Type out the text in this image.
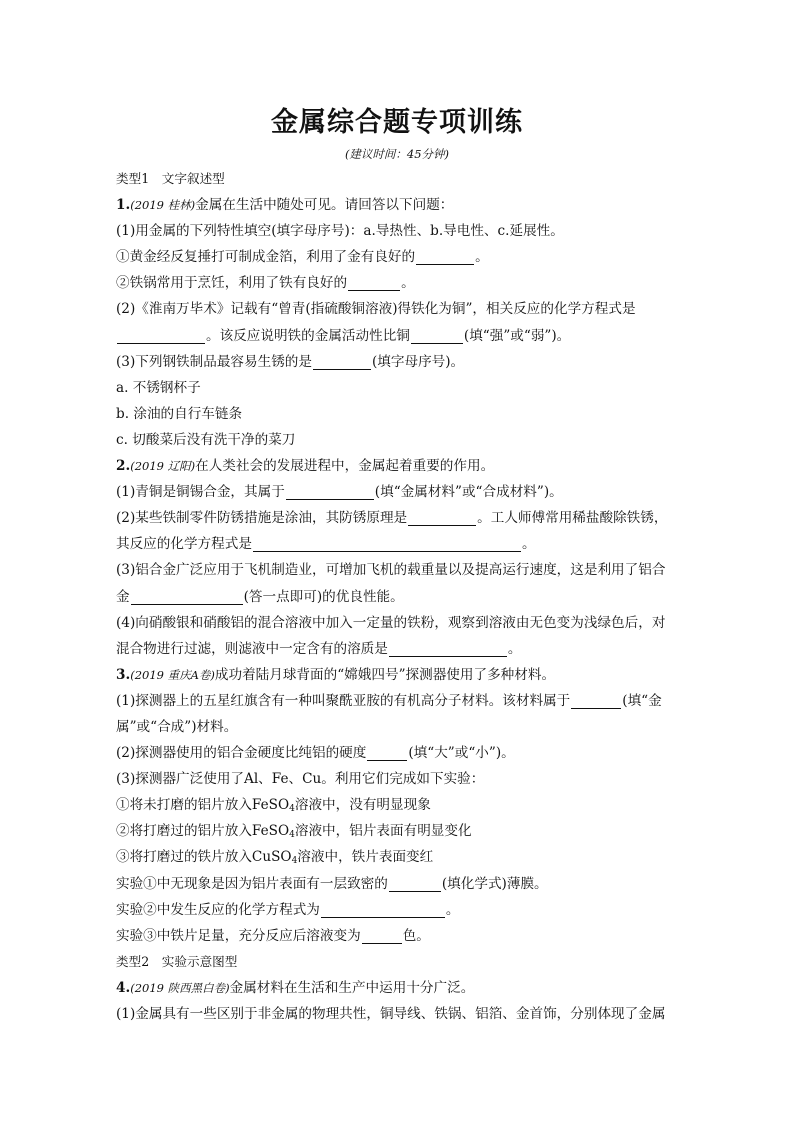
金属综合题专项训练
(建议时间：45分钟)
类型1　文字叙述型
1.(2019 桂林)金属在生活中随处可见。请回答以下问题：
(1)用金属的下列特性填空(填字母序号)：a.导热性、b.导电性、c.延展性。
①黄金经反复捶打可制成金箔，利用了金有良好的	。
②铁锅常用于烹饪，利用了铁有良好的	。
(2)《淮南万毕术》记载有“曾青(指硫酸铜溶液)得铁化为铜”，相关反应的化学方程式是
。该反应说明铁的金属活动性比铜	(填“强”或“弱”)。
(3)下列钢铁制品最容易生锈的是	(填字母序号)。
a. 不锈钢杯子
b. 涂油的自行车链条
c. 切酸菜后没有洗干净的菜刀
2.(2019 辽阳)在人类社会的发展进程中，金属起着重要的作用。
(1)青铜是铜锡合金，其属于	(填“金属材料”或“合成材料”)。
(2)某些铁制零件防锈措施是涂油，其防锈原理是	。工人师傅常用稀盐酸除铁锈，
其反应的化学方程式是	。
(3)铝合金广泛应用于飞机制造业，可增加飞机的载重量以及提高运行速度，这是利用了铝合
金	(答一点即可)的优良性能。
(4)向硝酸银和硝酸铝的混合溶液中加入一定量的铁粉，观察到溶液由无色变为浅绿色后，对
混合物进行过滤，则滤液中一定含有的溶质是	。
3.(2019 重庆A卷)成功着陆月球背面的“嫦娥四号”探测器使用了多种材料。
(1)探测器上的五星红旗含有一种叫聚酰亚胺的有机高分子材料。该材料属于	(填“金
属”或“合成”)材料。
(2)探测器使用的铝合金硬度比纯铝的硬度	(填“大”或“小”)。
(3)探测器广泛使用了Al、Fe、Cu。利用它们完成如下实验：
①将未打磨的铝片放入FeSO$_4$溶液中，没有明显现象
②将打磨过的铝片放入FeSO$_4$溶液中，铝片表面有明显变化
③将打磨过的铁片放入CuSO$_4$溶液中，铁片表面变红
实验①中无现象是因为铝片表面有一层致密的	(填化学式)薄膜。
实验②中发生反应的化学方程式为	。
实验③中铁片足量，充分反应后溶液变为	色。
类型2　实验示意图型
4.(2019 陕西黑白卷)金属材料在生活和生产中运用十分广泛。
(1)金属具有一些区别于非金属的物理共性，铜导线、铁锅、铝箔、金首饰，分别体现了金属
